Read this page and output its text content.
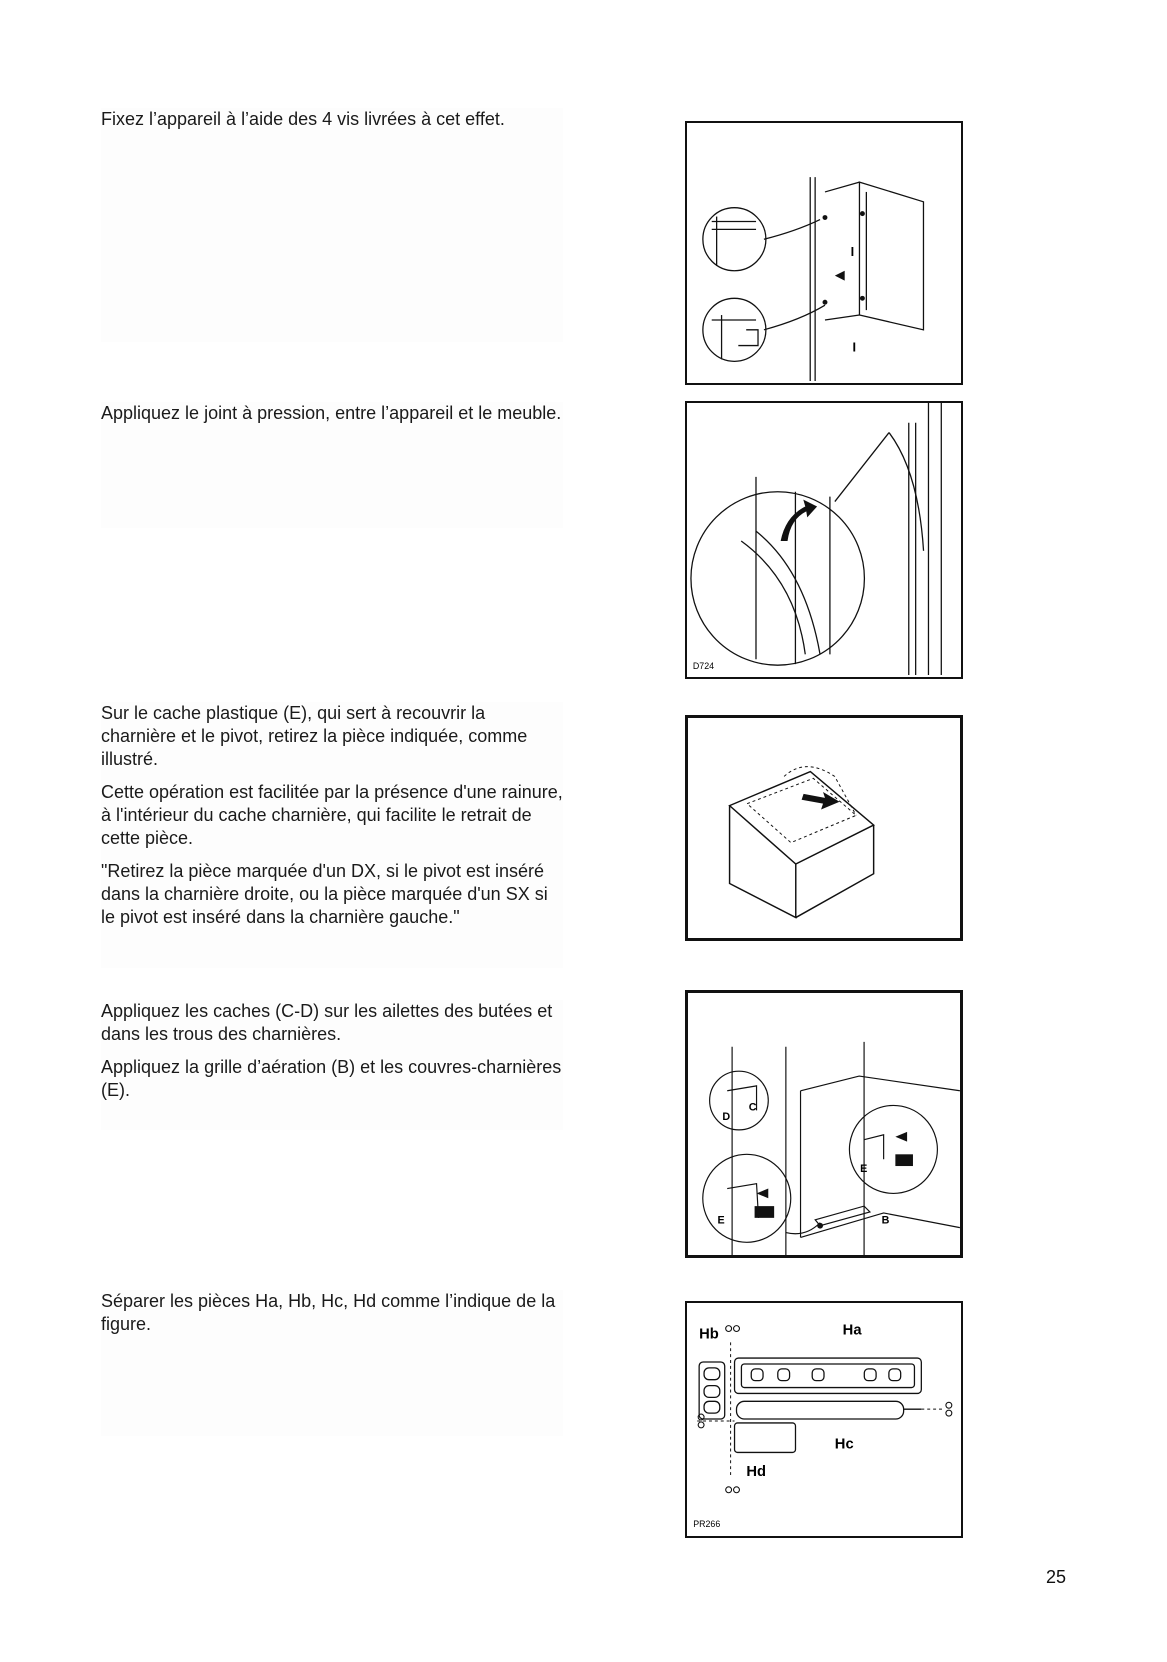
Fixez l’appareil à l’aide des 4 vis livrées à cet effet.

I
I

Appliquez le joint à pression, entre l’appareil et le meuble.

D724

Sur le cache plastique (E), qui sert à recouvrir la charnière et le pivot, retirez la pièce indiquée, comme illustré.

Cette opération est facilitée par la présence d'une rainure, à l'intérieur du cache charnière, qui facilite le retrait de cette pièce.

"Retirez la pièce marquée d'un DX, si le pivot est inséré dans la charnière droite, ou la pièce marquée d'un SX si le pivot est inséré dans la charnière gauche."

Appliquez les caches (C-D) sur les ailettes des butées et dans les trous des charnières.

Appliquez la grille d’aération (B) et les couvres-charnières (E).

C
D
E
E
B

Séparer les pièces Ha, Hb, Hc, Hd comme l’indique de la figure.

Hb	Ha
Hc
Hd
PR266
25
